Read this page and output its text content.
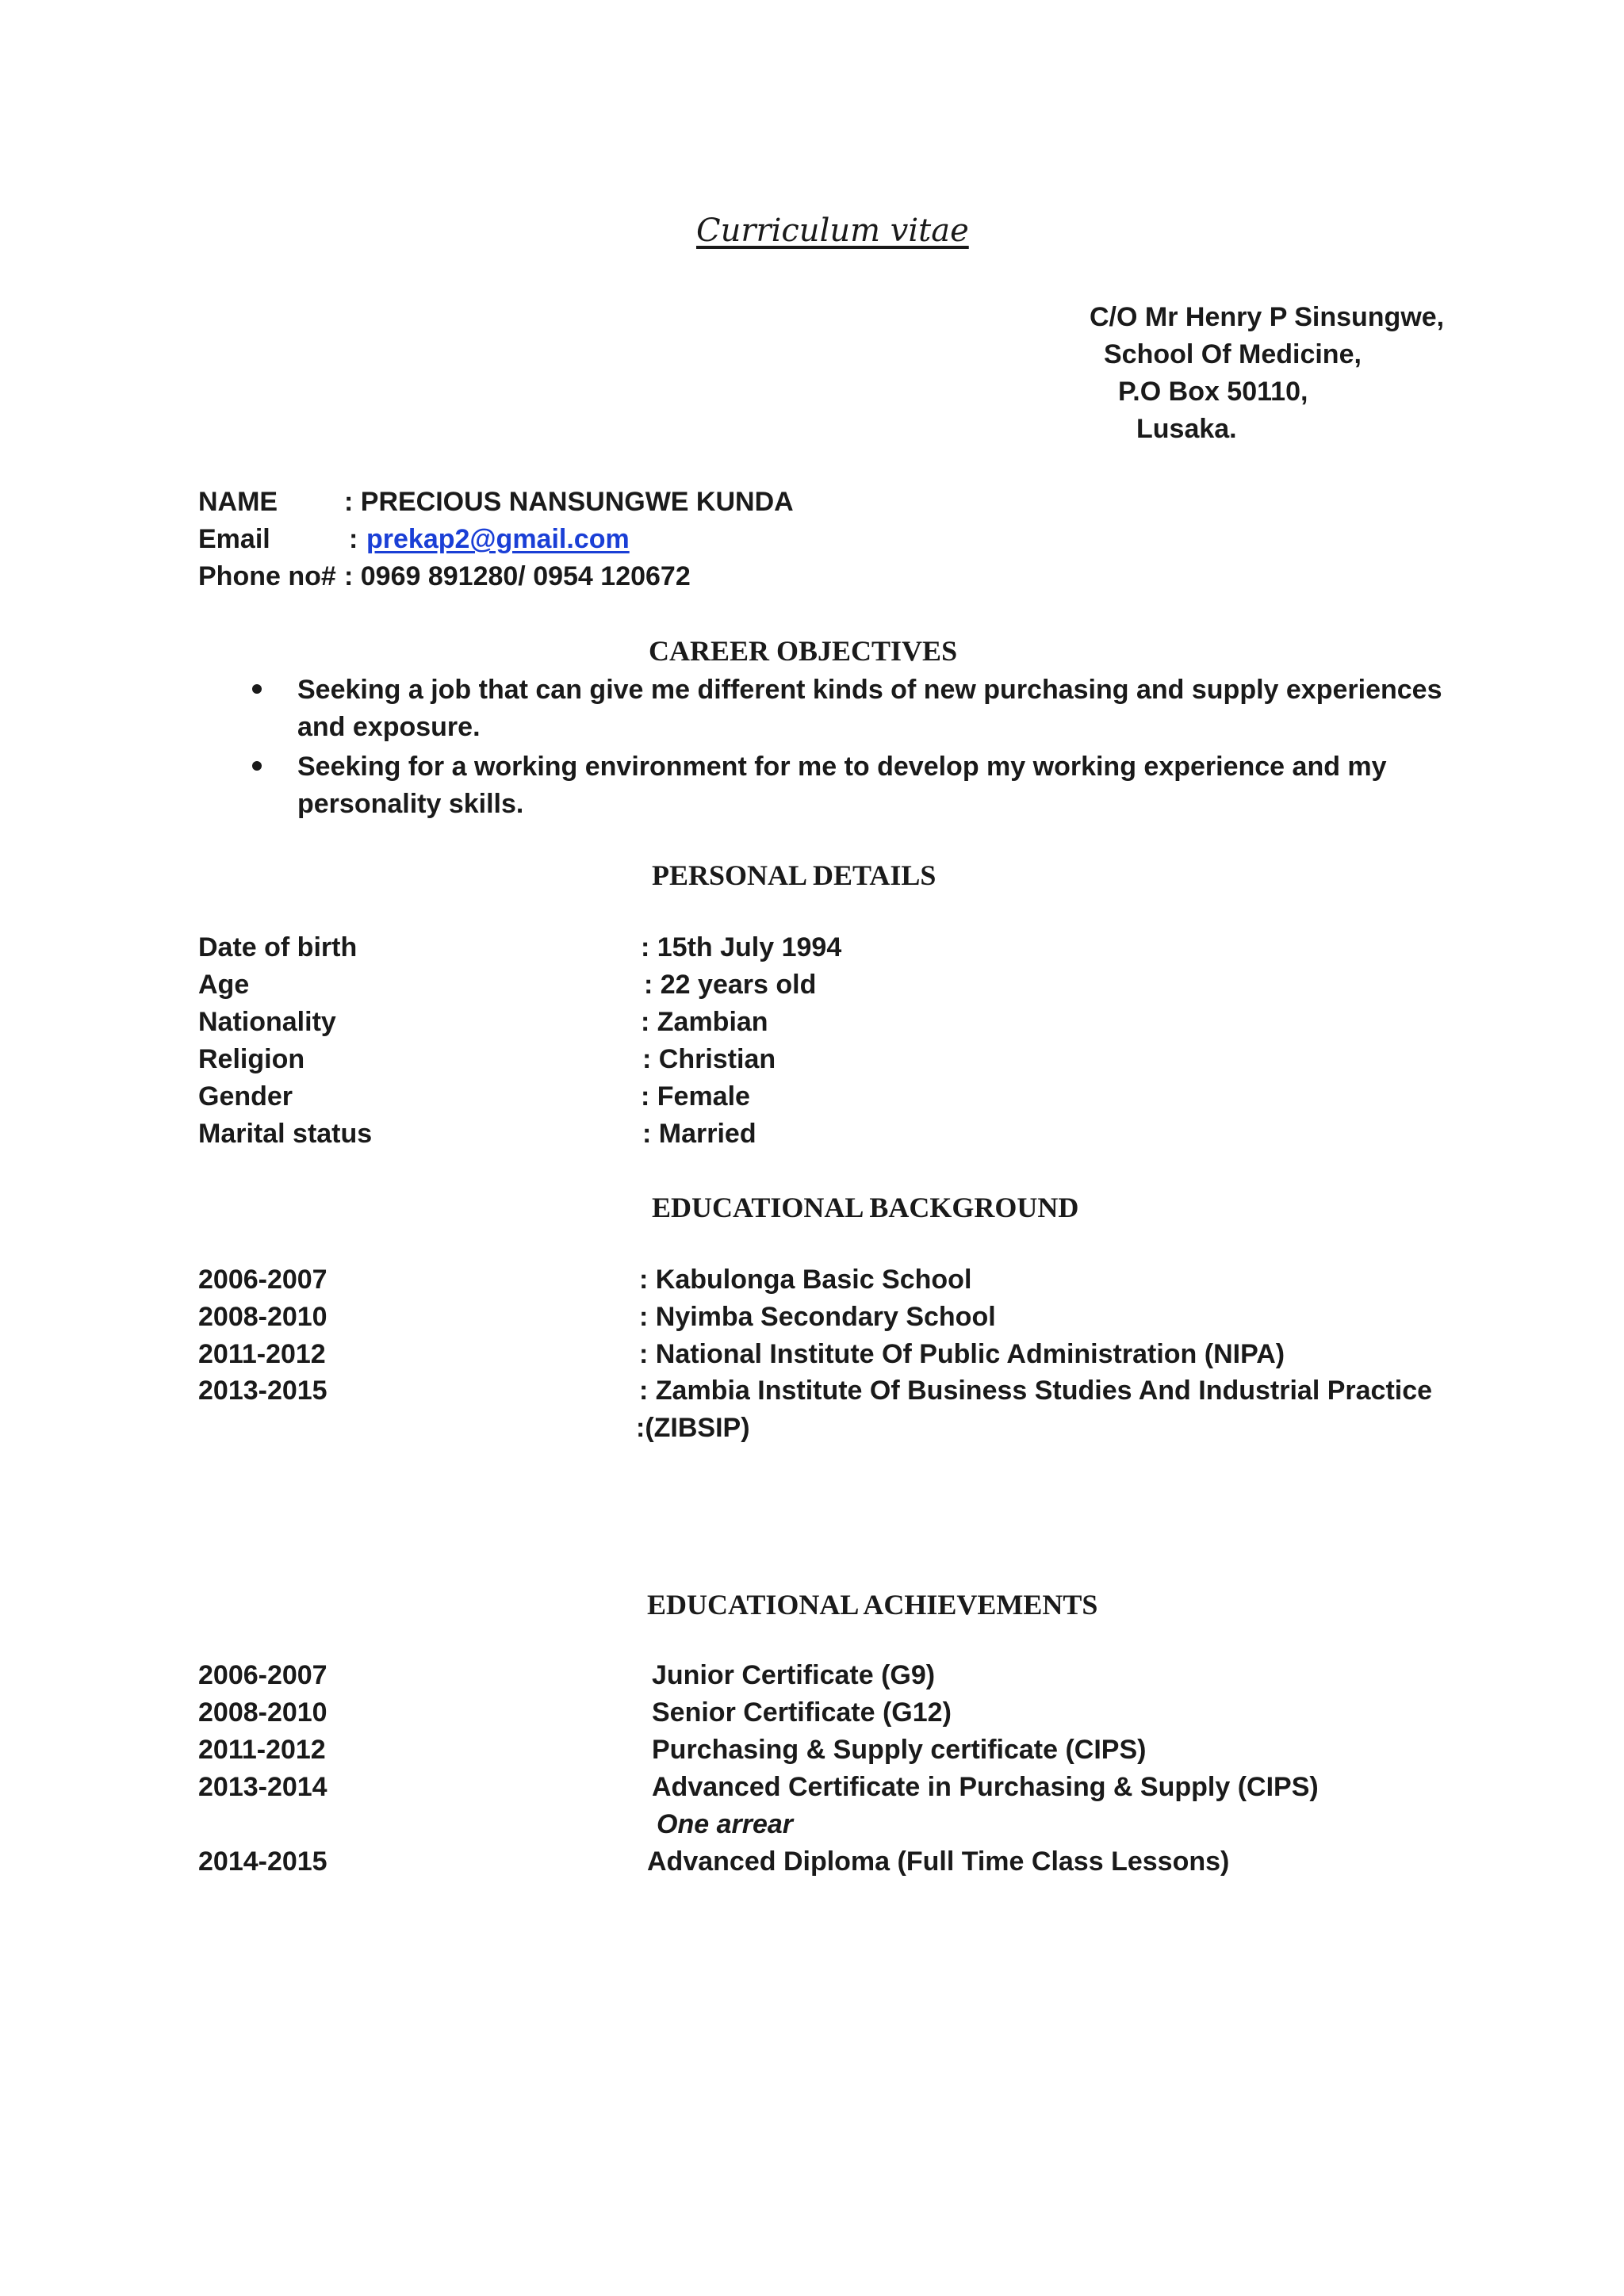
Curriculum vitae
C/O Mr Henry P Sinsungwe,
School Of Medicine,
P.O Box 50110,
Lusaka.
NAME : PRECIOUS NANSUNGWE KUNDA
Email	: prekap2@gmail.com
Phone no# : 0969 891280/ 0954 120672
CAREER OBJECTIVES
Seeking a job that can give me different kinds of new purchasing and supply experiences
and exposure.
Seeking for a working environment for me to develop my working experience and my
personality skills.
PERSONAL DETAILS
Date of birth	: 15th July 1994
Age	: 22 years old
Nationality	: Zambian
Religion	: Christian
Gender	: Female
Marital status	: Married
EDUCATIONAL BACKGROUND
2006-2007	: Kabulonga Basic School
2008-2010	: Nyimba Secondary School
2011-2012	: National Institute Of Public Administration (NIPA)
2013-2015	: Zambia Institute Of Business Studies And Industrial Practice
:(ZIBSIP)
EDUCATIONAL ACHIEVEMENTS
2006-2007	Junior Certificate (G9)
2008-2010	Senior Certificate (G12)
2011-2012	Purchasing & Supply certificate (CIPS)
2013-2014	Advanced Certificate in Purchasing & Supply (CIPS)
One arrear
2014-2015	Advanced Diploma (Full Time Class Lessons)
